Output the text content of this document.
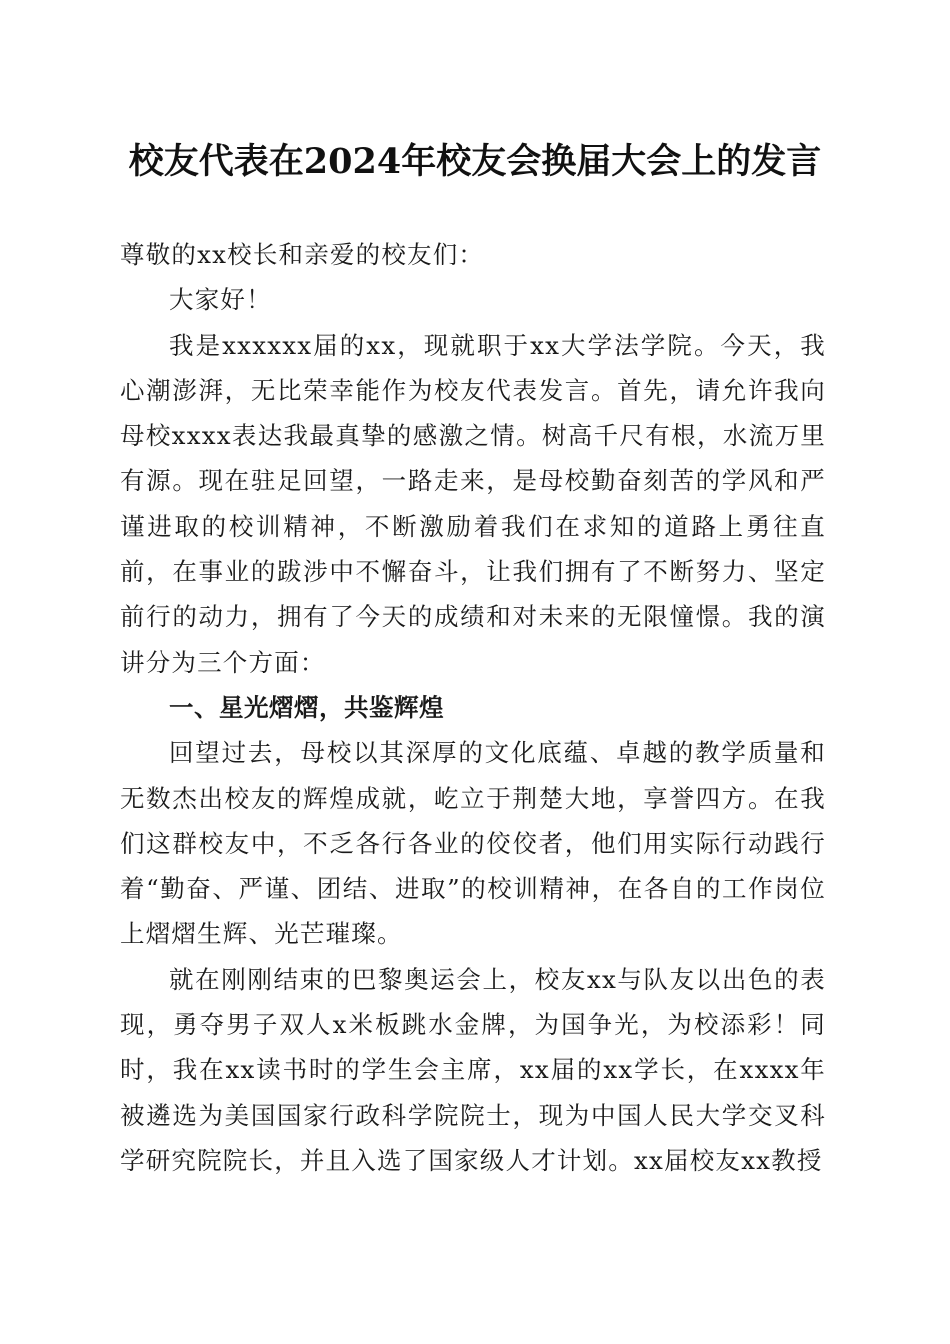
校友代表在2024年校友会换届大会上的发言

尊敬的xx校长和亲爱的校友们：

大家好！

我是xxxxxx届的xx，现就职于xx大学法学院。今天，我心潮澎湃，无比荣幸能作为校友代表发言。首先，请允许我向母校xxxx表达我最真挚的感激之情。树高千尺有根，水流万里有源。现在驻足回望，一路走来，是母校勤奋刻苦的学风和严谨进取的校训精神，不断激励着我们在求知的道路上勇往直前，在事业的跋涉中不懈奋斗，让我们拥有了不断努力、坚定前行的动力，拥有了今天的成绩和对未来的无限憧憬。我的演讲分为三个方面：

一、星光熠熠，共鉴辉煌

回望过去，母校以其深厚的文化底蕴、卓越的教学质量和无数杰出校友的辉煌成就，屹立于荆楚大地，享誉四方。在我们这群校友中，不乏各行各业的佼佼者，他们用实际行动践行着“勤奋、严谨、团结、进取”的校训精神，在各自的工作岗位上熠熠生辉、光芒璀璨。

就在刚刚结束的巴黎奥运会上，校友xx与队友以出色的表现，勇夺男子双人x米板跳水金牌，为国争光，为校添彩！同时，我在xx读书时的学生会主席，xx届的xx学长，在xxxx年被遴选为美国国家行政科学院院士，现为中国人民大学交叉科学研究院院长，并且入选了国家级人才计划。xx届校友xx教授
